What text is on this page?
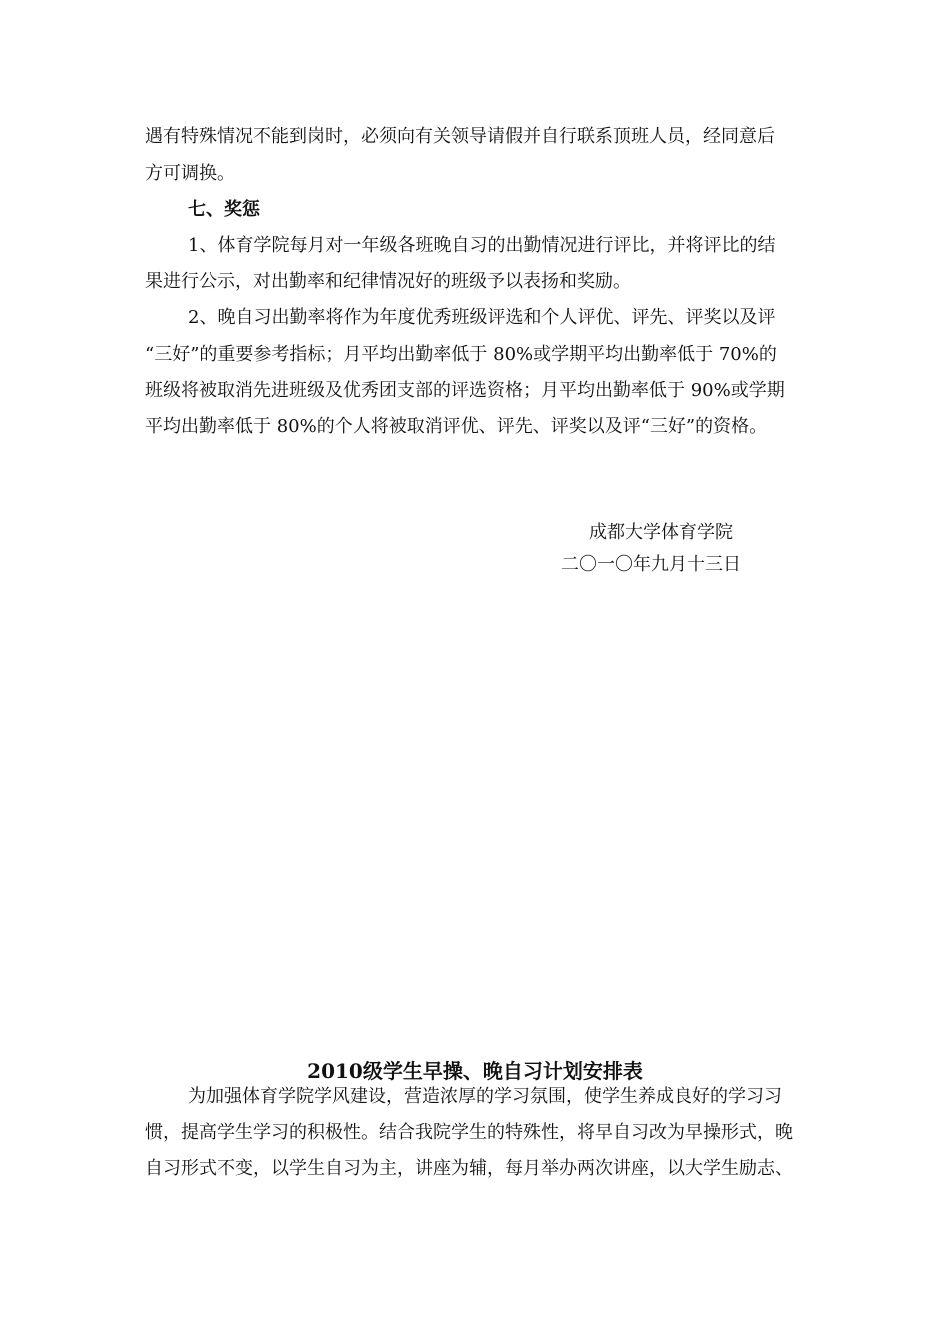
遇有特殊情况不能到岗时，必须向有关领导请假并自行联系顶班人员，经同意后
方可调换。
七、奖惩
1、体育学院每月对一年级各班晚自习的出勤情况进行评比，并将评比的结
果进行公示，对出勤率和纪律情况好的班级予以表扬和奖励。
2、晚自习出勤率将作为年度优秀班级评选和个人评优、评先、评奖以及评
“三好”的重要参考指标；月平均出勤率低于 80%或学期平均出勤率低于 70%的
班级将被取消先进班级及优秀团支部的评选资格；月平均出勤率低于 90%或学期
平均出勤率低于 80%的个人将被取消评优、评先、评奖以及评“三好”的资格。
成都大学体育学院
二〇一〇年九月十三日
2010级学生早操、晚自习计划安排表
为加强体育学院学风建设，营造浓厚的学习氛围，使学生养成良好的学习习
惯，提高学生学习的积极性。结合我院学生的特殊性，将早自习改为早操形式，晚
自习形式不变，以学生自习为主，讲座为辅，每月举办两次讲座，以大学生励志、
